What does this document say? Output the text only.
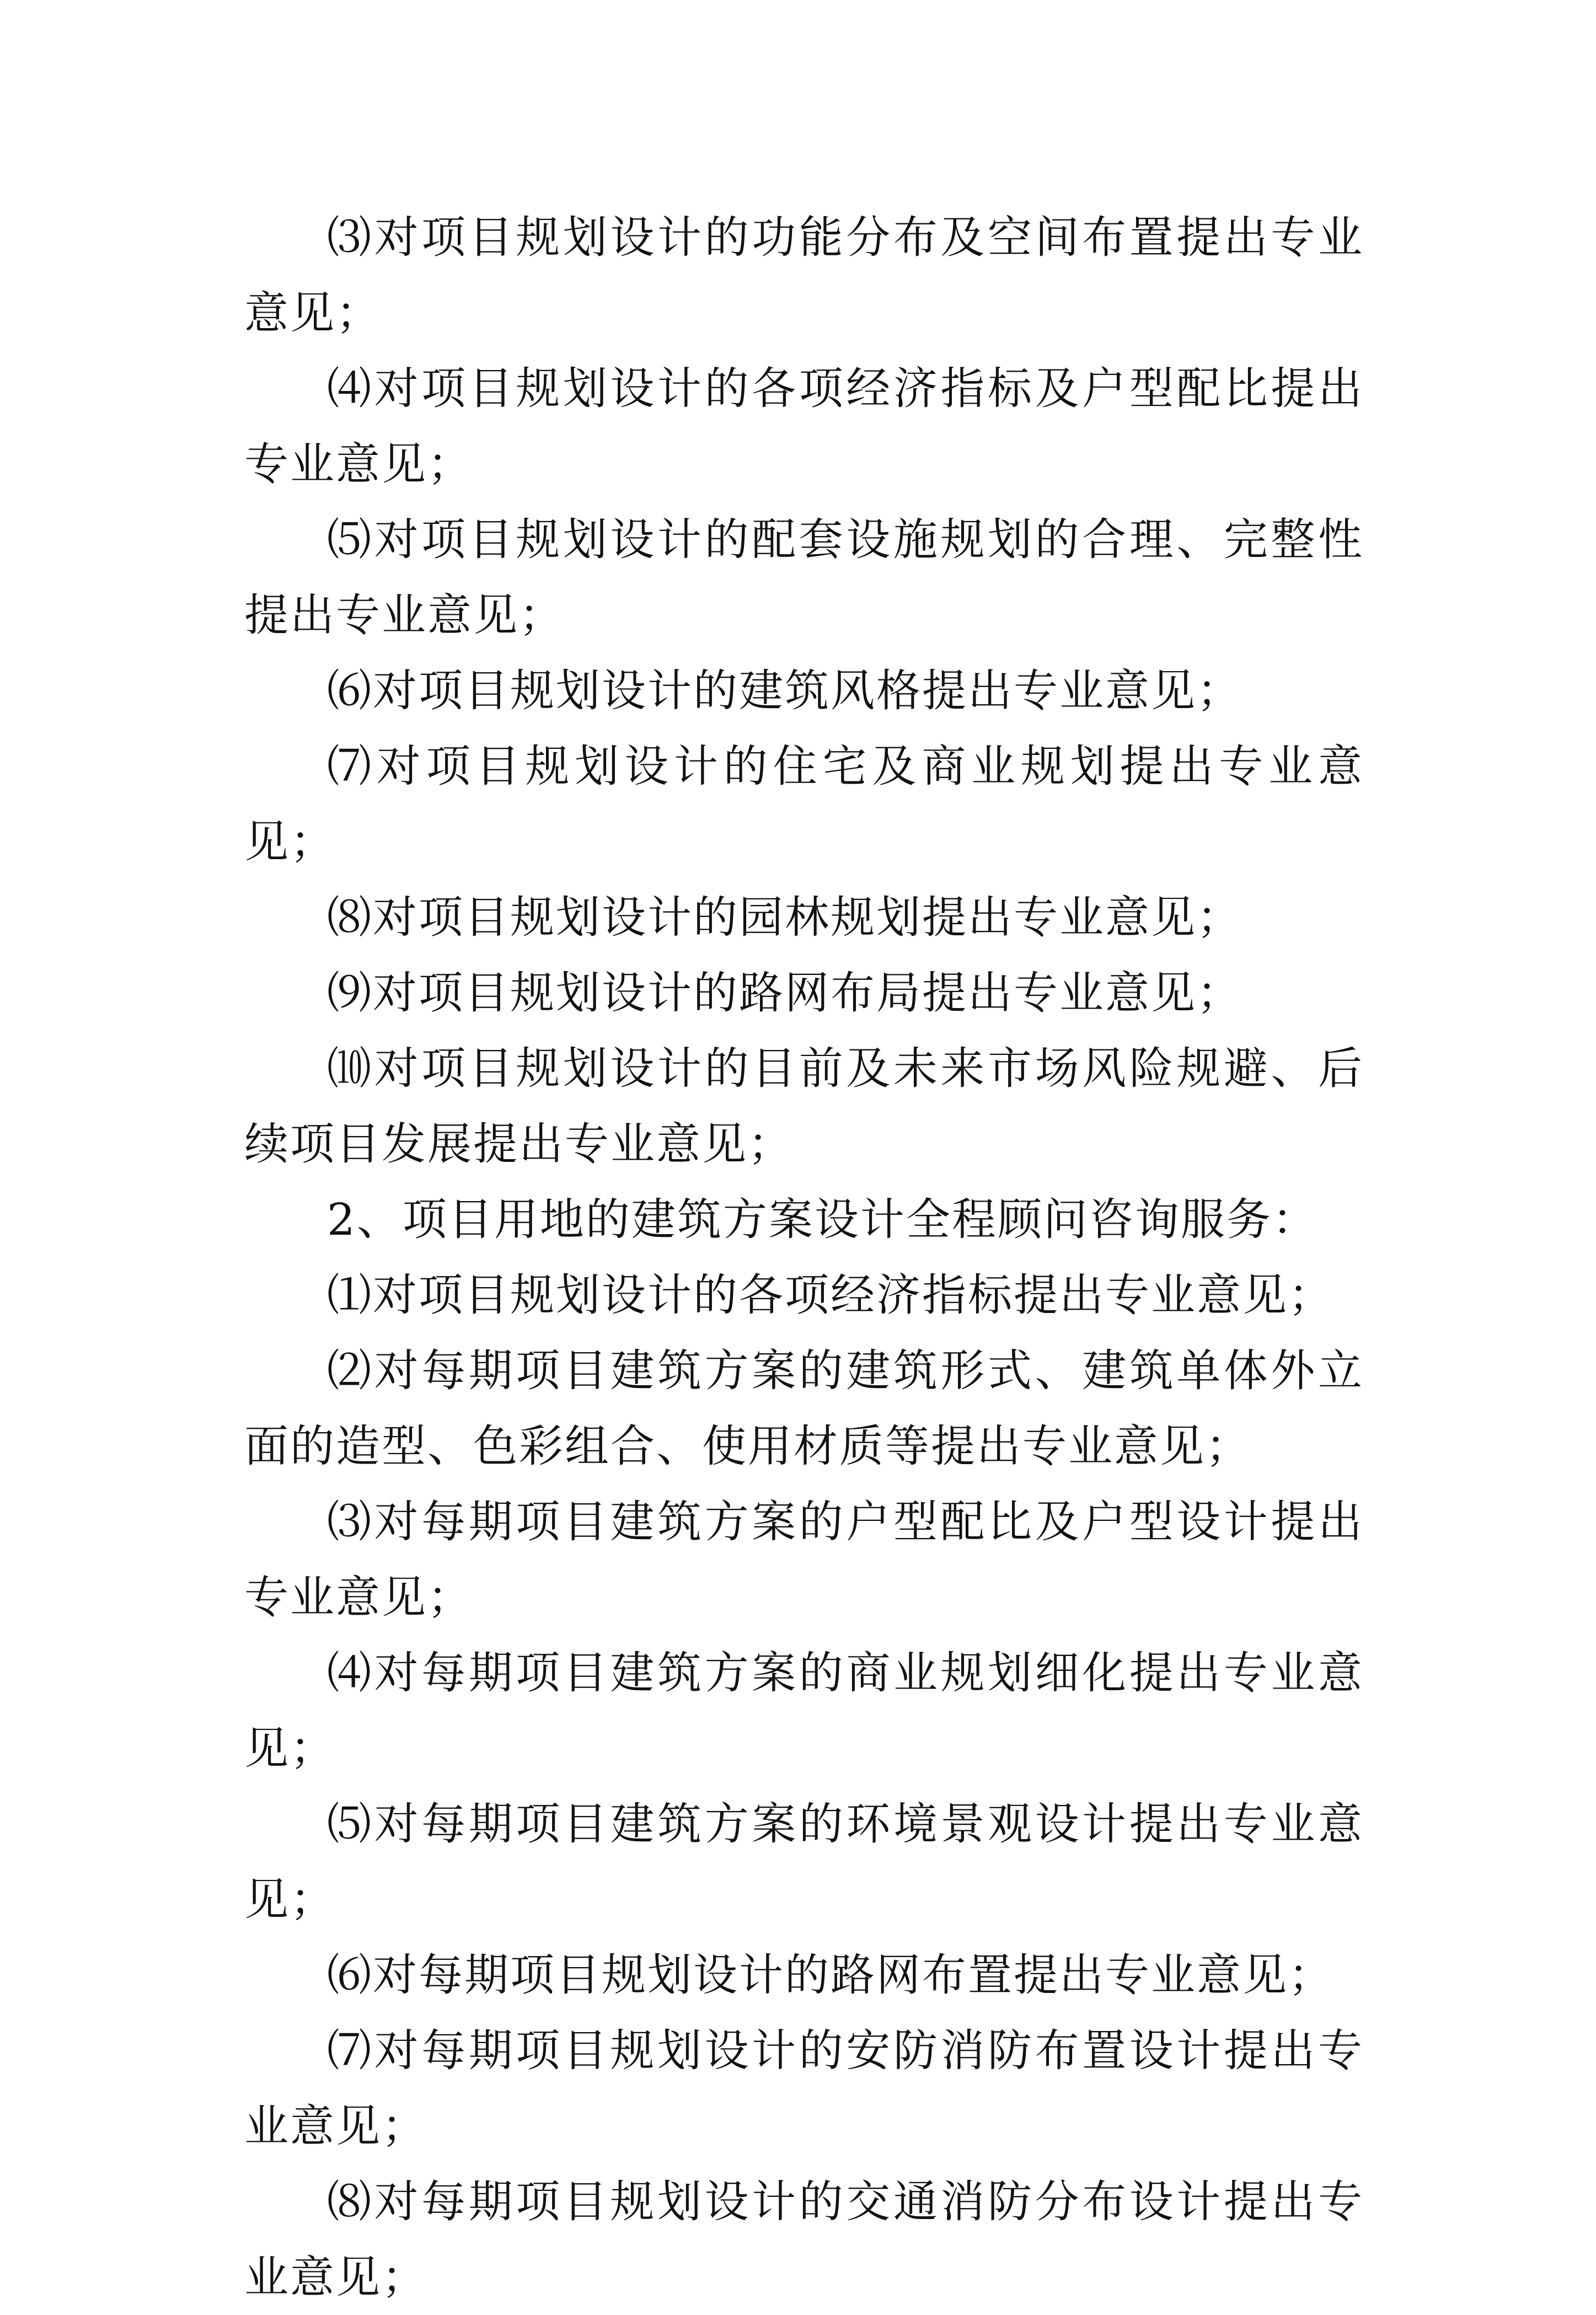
⑶对项目规划设计的功能分布及空间布置提出专业意见；

⑷对项目规划设计的各项经济指标及户型配比提出专业意见；

⑸对项目规划设计的配套设施规划的合理、完整性提出专业意见；

⑹对项目规划设计的建筑风格提出专业意见；

⑺对项目规划设计的住宅及商业规划提出专业意见；

⑻对项目规划设计的园林规划提出专业意见；

⑼对项目规划设计的路网布局提出专业意见；

⑽对项目规划设计的目前及未来市场风险规避、后续项目发展提出专业意见；

2、项目用地的建筑方案设计全程顾问咨询服务：

⑴对项目规划设计的各项经济指标提出专业意见；

⑵对每期项目建筑方案的建筑形式、建筑单体外立面的造型、色彩组合、使用材质等提出专业意见；

⑶对每期项目建筑方案的户型配比及户型设计提出专业意见；

⑷对每期项目建筑方案的商业规划细化提出专业意见；

⑸对每期项目建筑方案的环境景观设计提出专业意见；

⑹对每期项目规划设计的路网布置提出专业意见；

⑺对每期项目规划设计的安防消防布置设计提出专业意见；

⑻对每期项目规划设计的交通消防分布设计提出专业意见；
